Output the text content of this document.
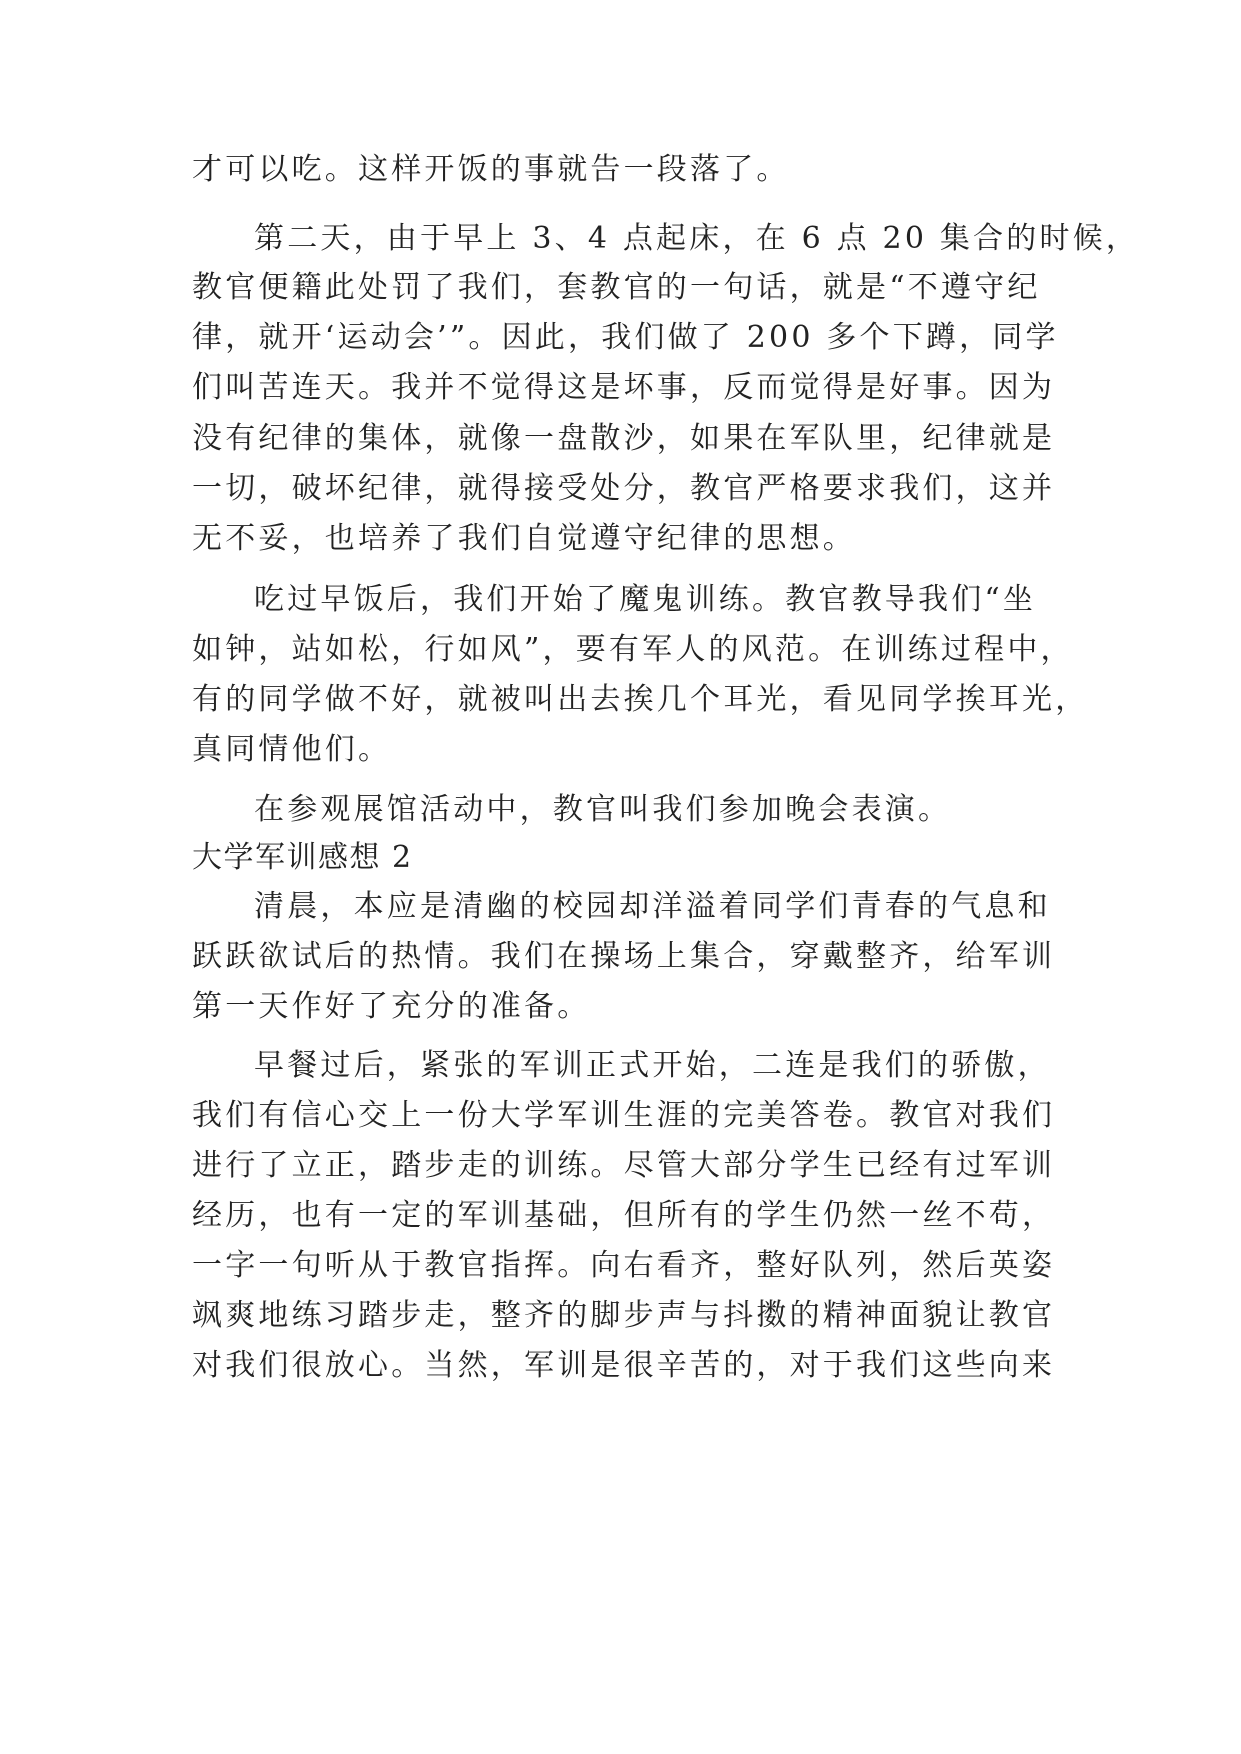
才可以吃。这样开饭的事就告一段落了。
第二天，由于早上 3、4 点起床，在 6 点 20 集合的时候，
教官便籍此处罚了我们，套教官的一句话，就是“不遵守纪
律，就开‘运动会’”。因此，我们做了 200 多个下蹲，同学
们叫苦连天。我并不觉得这是坏事，反而觉得是好事。因为
没有纪律的集体，就像一盘散沙，如果在军队里，纪律就是
一切，破坏纪律，就得接受处分，教官严格要求我们，这并
无不妥，也培养了我们自觉遵守纪律的思想。
吃过早饭后，我们开始了魔鬼训练。教官教导我们“坐
如钟，站如松，行如风”，要有军人的风范。在训练过程中，
有的同学做不好，就被叫出去挨几个耳光，看见同学挨耳光，
真同情他们。
在参观展馆活动中，教官叫我们参加晚会表演。
大学军训感想 2
清晨，本应是清幽的校园却洋溢着同学们青春的气息和
跃跃欲试后的热情。我们在操场上集合，穿戴整齐，给军训
第一天作好了充分的准备。
早餐过后，紧张的军训正式开始，二连是我们的骄傲，
我们有信心交上一份大学军训生涯的完美答卷。教官对我们
进行了立正，踏步走的训练。尽管大部分学生已经有过军训
经历，也有一定的军训基础，但所有的学生仍然一丝不苟，
一字一句听从于教官指挥。向右看齐，整好队列，然后英姿
飒爽地练习踏步走，整齐的脚步声与抖擞的精神面貌让教官
对我们很放心。当然，军训是很辛苦的，对于我们这些向来
